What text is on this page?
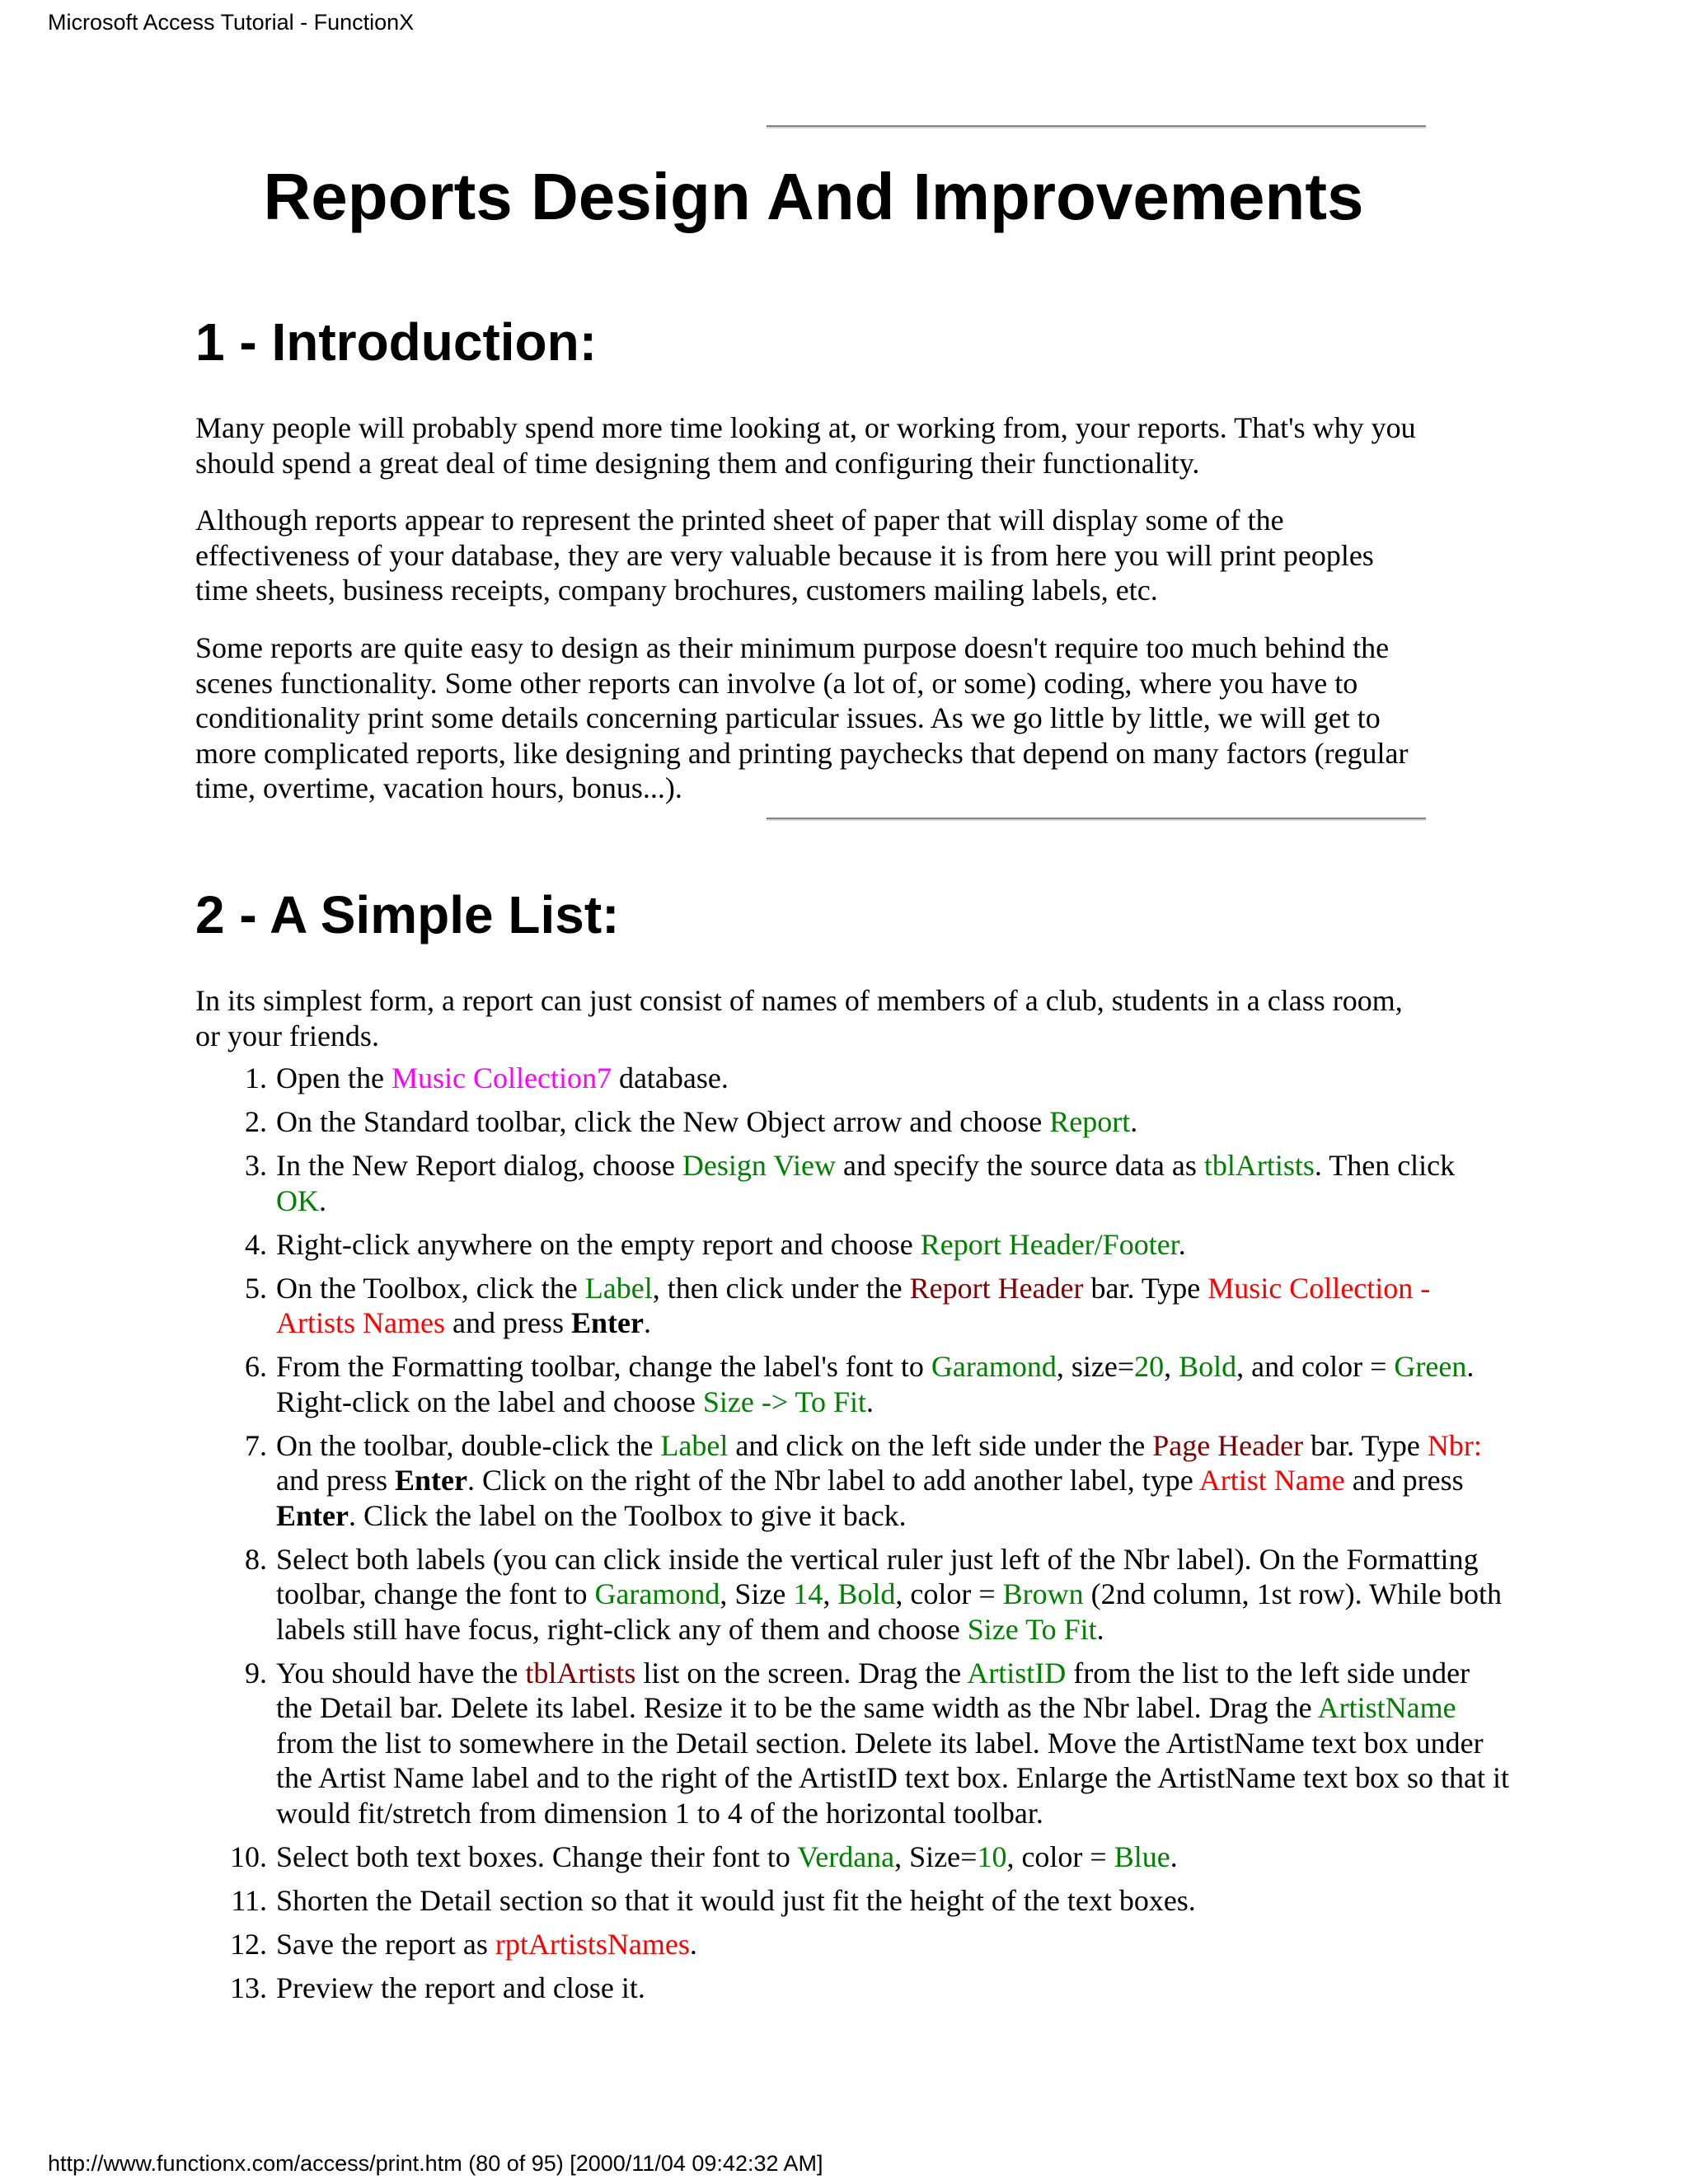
Microsoft Access Tutorial - FunctionX
Reports Design And Improvements
1 - Introduction:

Many people will probably spend more time looking at, or working from, your reports. That's why you should spend a great deal of time designing them and configuring their functionality.

Although reports appear to represent the printed sheet of paper that will display some of the effectiveness of your database, they are very valuable because it is from here you will print peoples time sheets, business receipts, company brochures, customers mailing labels, etc.

Some reports are quite easy to design as their minimum purpose doesn't require too much behind the scenes functionality. Some other reports can involve (a lot of, or some) coding, where you have to conditionality print some details concerning particular issues. As we go little by little, we will get to more complicated reports, like designing and printing paychecks that depend on many factors (regular time, overtime, vacation hours, bonus...).

2 - A Simple List:

In its simplest form, a report can just consist of names of members of a club, students in a class room, or your friends.

1. Open the Music Collection7 database.
2. On the Standard toolbar, click the New Object arrow and choose Report.
3. In the New Report dialog, choose Design View and specify the source data as tblArtists. Then click OK.
4. Right-click anywhere on the empty report and choose Report Header/Footer.
5. On the Toolbox, click the Label, then click under the Report Header bar. Type Music Collection - Artists Names and press Enter.
6. From the Formatting toolbar, change the label's font to Garamond, size=20, Bold, and color = Green. Right-click on the label and choose Size -> To Fit.
7. On the toolbar, double-click the Label and click on the left side under the Page Header bar. Type Nbr: and press Enter. Click on the right of the Nbr label to add another label, type Artist Name and press Enter. Click the label on the Toolbox to give it back.
8. Select both labels (you can click inside the vertical ruler just left of the Nbr label). On the Formatting toolbar, change the font to Garamond, Size 14, Bold, color = Brown (2nd column, 1st row). While both labels still have focus, right-click any of them and choose Size To Fit.
9. You should have the tblArtists list on the screen. Drag the ArtistID from the list to the left side under the Detail bar. Delete its label. Resize it to be the same width as the Nbr label. Drag the ArtistName from the list to somewhere in the Detail section. Delete its label. Move the ArtistName text box under the Artist Name label and to the right of the ArtistID text box. Enlarge the ArtistName text box so that it would fit/stretch from dimension 1 to 4 of the horizontal toolbar.
10. Select both text boxes. Change their font to Verdana, Size=10, color = Blue.
11. Shorten the Detail section so that it would just fit the height of the text boxes.
12. Save the report as rptArtistsNames.
13. Preview the report and close it.
http://www.functionx.com/access/print.htm (80 of 95) [2000/11/04 09:42:32 AM]
